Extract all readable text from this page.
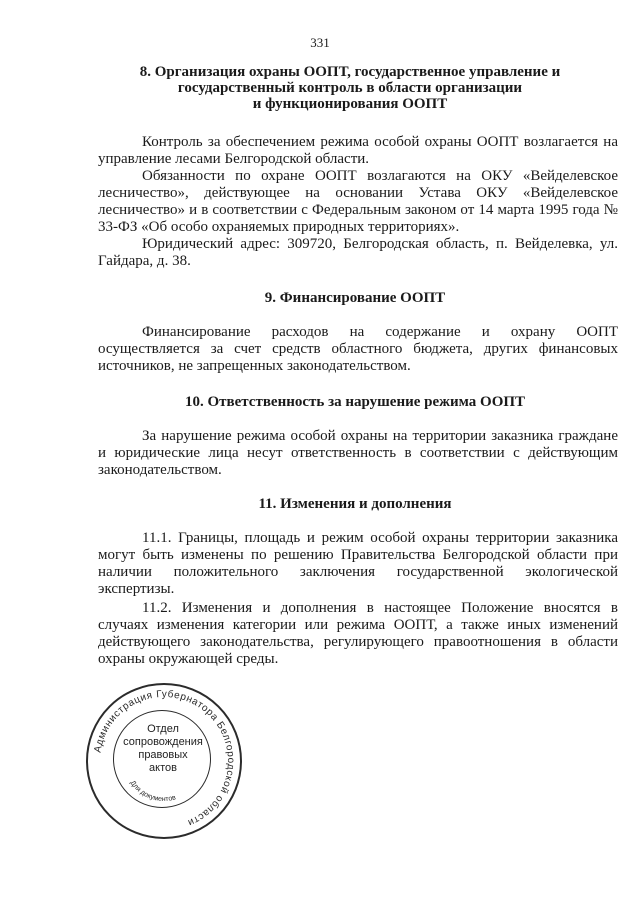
331
8. Организация охраны ООПТ, государственное управление и
государственный контроль в области организации
и функционирования ООПТ
Контроль за обеспечением режима особой охраны ООПТ возлагается на управление лесами Белгородской области.
Обязанности по охране ООПТ возлагаются на ОКУ «Вейделевское лесничество», действующее на основании Устава ОКУ «Вейделевское лесничество» и в соответствии с Федеральным законом от 14 марта 1995 года № 33-ФЗ «Об особо охраняемых природных территориях».
Юридический адрес: 309720, Белгородская область, п. Вейделевка, ул. Гайдара, д. 38.
9. Финансирование ООПТ
Финансирование расходов на содержание и охрану ООПТ осуществляется за счет средств областного бюджета, других финансовых источников, не запрещенных законодательством.
10. Ответственность за нарушение режима ООПТ
За нарушение режима особой охраны на территории заказника граждане и юридические лица несут ответственность в соответствии с действующим законодательством.
11. Изменения и дополнения
11.1. Границы, площадь и режим особой охраны территории заказника могут быть изменены по решению Правительства Белгородской области при наличии положительного заключения государственной экологической экспертизы.
11.2. Изменения и дополнения в настоящее Положение вносятся в случаях изменения категории или режима ООПТ, а также иных изменений действующего законодательства, регулирующего правоотношения в области охраны окружающей среды.
Администрация Губернатора Белгородской области
Для документов
Отдел
сопровождения
правовых
актов
